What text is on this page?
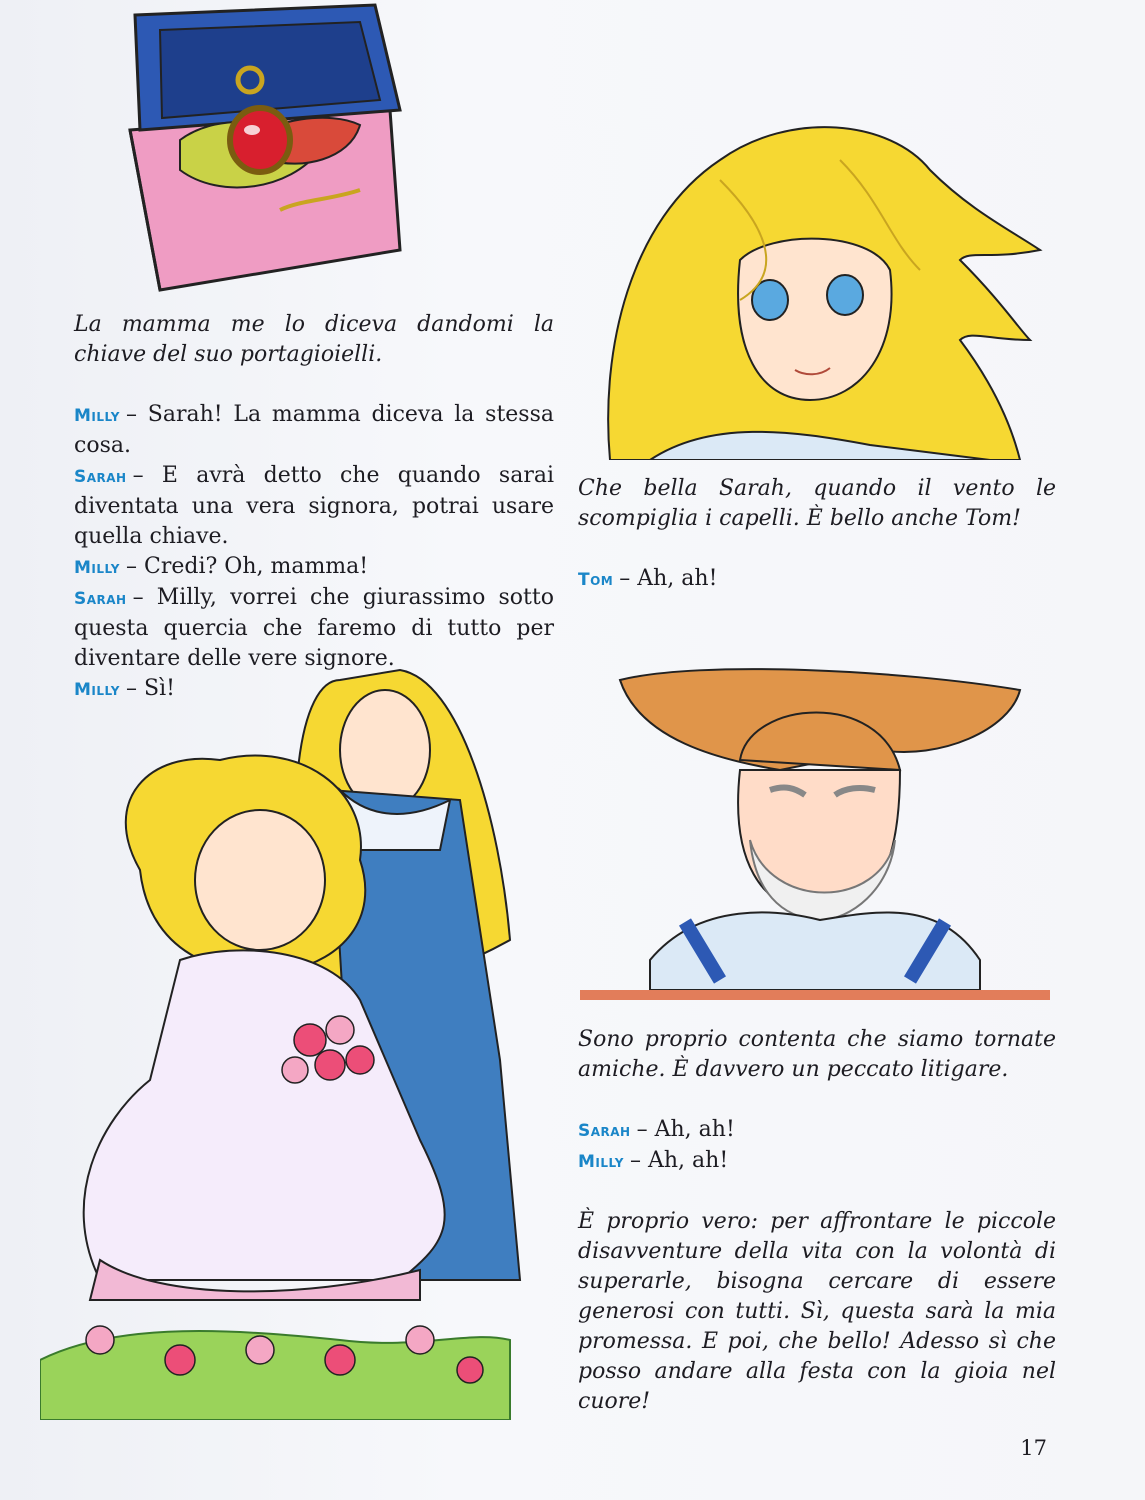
La mamma me lo diceva dandomi la chiave del suo portagioielli.

Milly – Sarah! La mamma diceva la stessa cosa.

Sarah – E avrà detto che quando sarai diventata una vera signora, potrai usare quella chiave.

Milly – Credi? Oh, mamma!

Sarah – Milly, vorrei che giurassimo sotto questa quercia che faremo di tutto per diventare delle vere signore.

Milly – Sì!

Che bella Sarah, quando il vento le scompiglia i capelli. È bello anche Tom!

Tom – Ah, ah!

Sono proprio contenta che siamo tornate amiche. È davvero un peccato litigare.

Sarah – Ah, ah!

Milly – Ah, ah!

È proprio vero: per affrontare le piccole disavventure della vita con la volontà di superarle, bisogna cercare di essere generosi con tutti. Sì, questa sarà la mia promessa. E poi, che bello! Adesso sì che posso andare alla festa con la gioia nel cuore!

17
